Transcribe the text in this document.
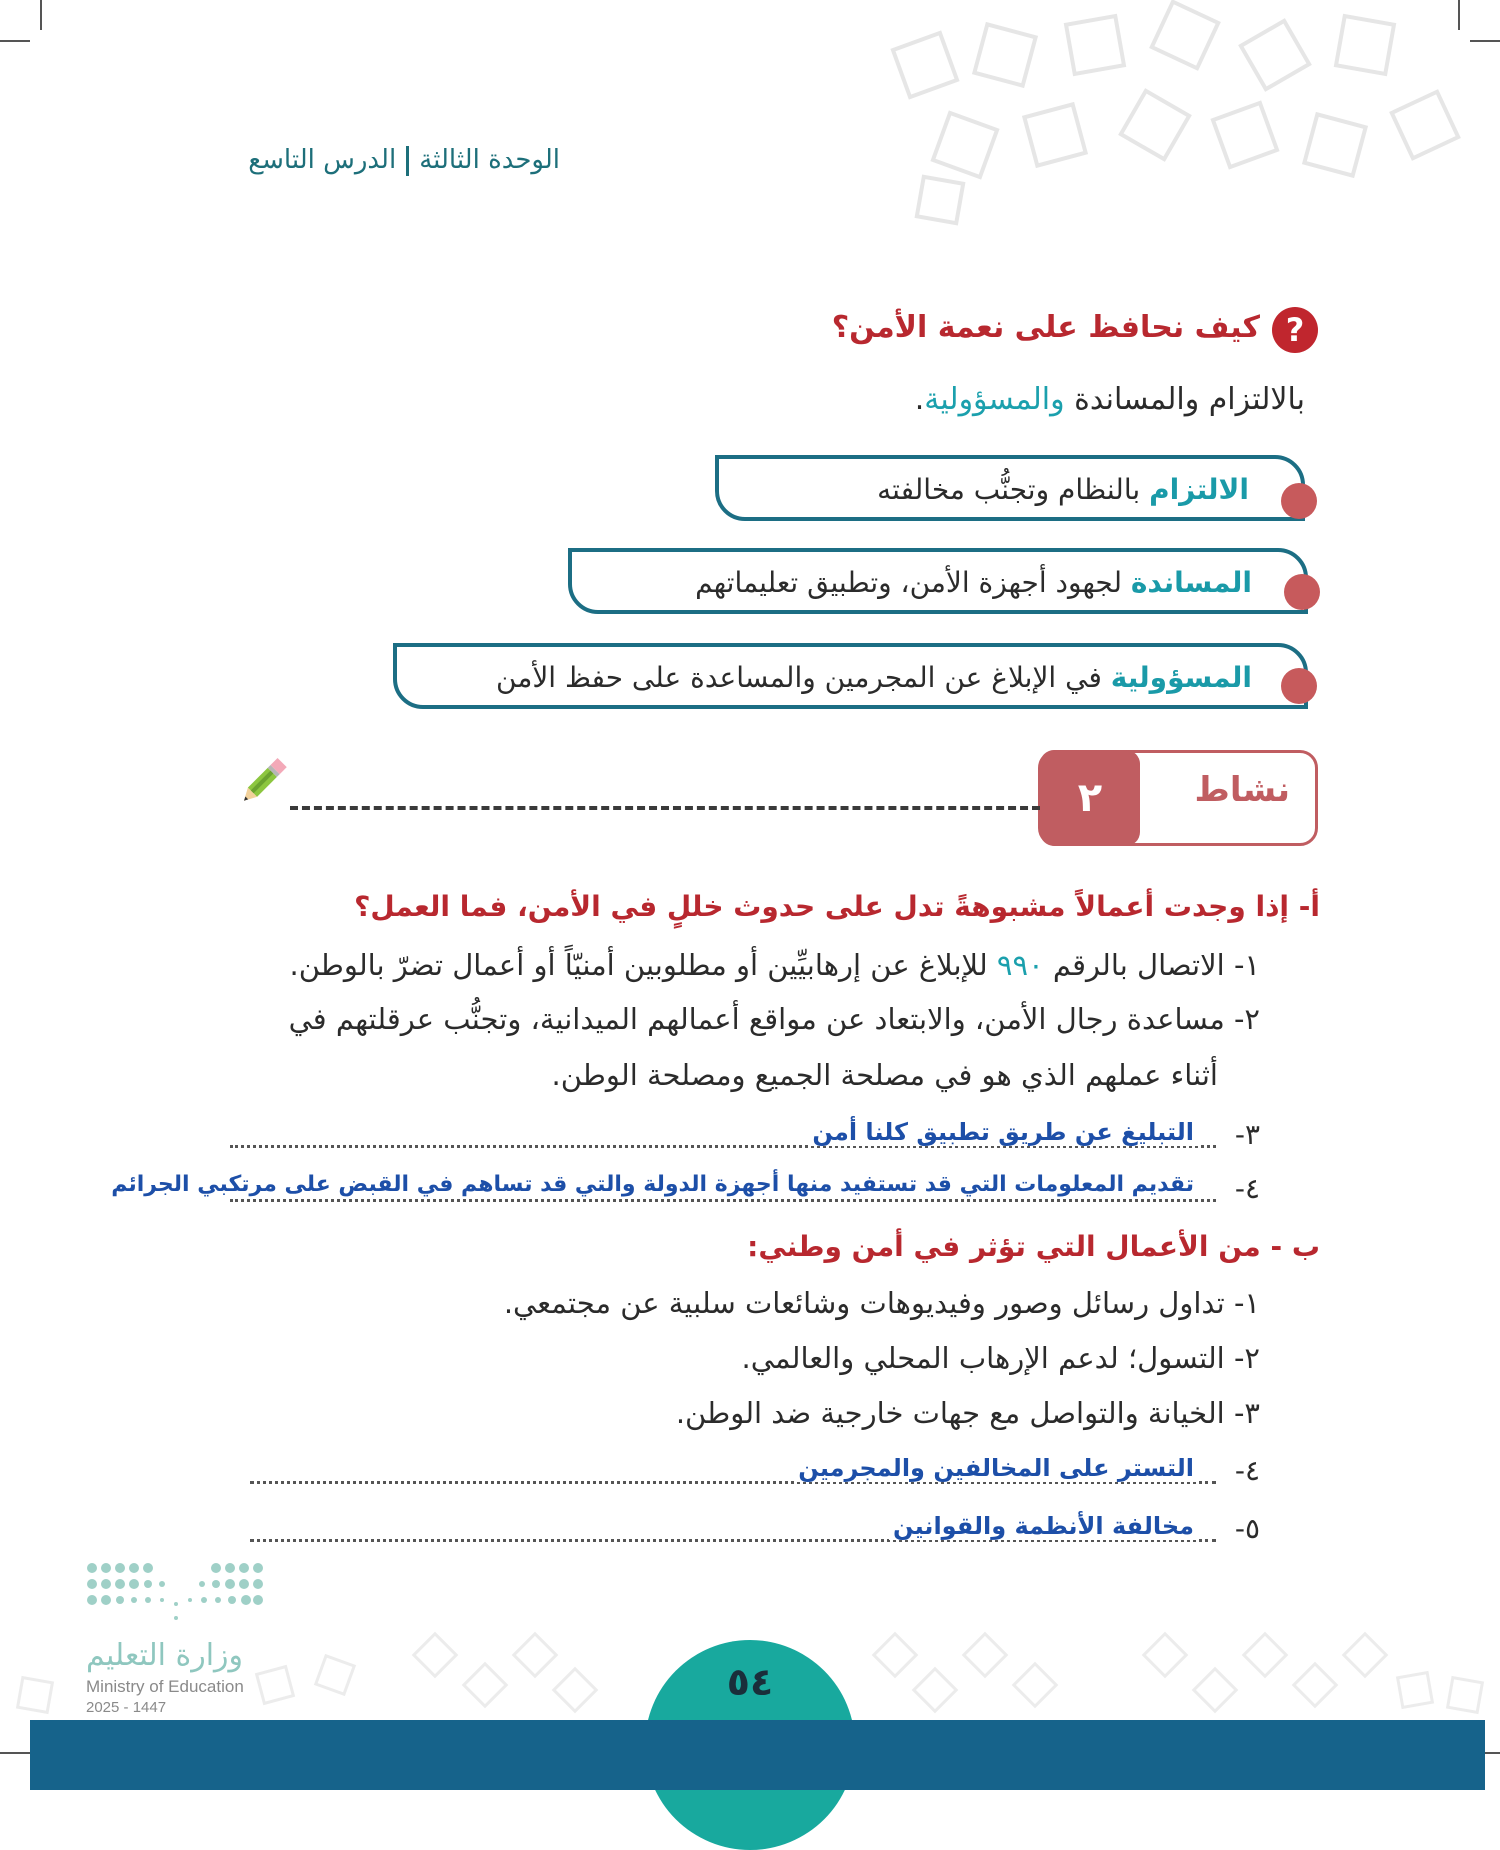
الوحدة الثالثةالدرس التاسع
?
كيف نحافظ على نعمة الأمن؟
بالالتزام والمساندة والمسؤولية.
الالتزام بالنظام وتجنُّب مخالفته
المساندة لجهود أجهزة الأمن، وتطبيق تعليماتهم
المسؤولية في الإبلاغ عن المجرمين والمساعدة على حفظ الأمن
نشاط
٢
أ- إذا وجدت أعمالاً مشبوهةً تدل على حدوث خللٍ في الأمن، فما العمل؟
١- الاتصال بالرقم ٩٩٠ للإبلاغ عن إرهابيِّين أو مطلوبين أمنيّاً أو أعمال تضرّ بالوطن.
٢- مساعدة رجال الأمن، والابتعاد عن مواقع أعمالهم الميدانية، وتجنُّب عرقلتهم في
أثناء عملهم الذي هو في مصلحة الجميع ومصلحة الوطن.
٣-
التبليغ عن طريق تطبيق كلنا أمن
٤-
تقديم المعلومات التي قد تستفيد منها أجهزة الدولة والتي قد تساهم في القبض على مرتكبي الجرائم
ب - من الأعمال التي تؤثر في أمن وطني:
١- تداول رسائل وصور وفيديوهات وشائعات سلبية عن مجتمعي.
٢- التسول؛ لدعم الإرهاب المحلي والعالمي.
٣- الخيانة والتواصل مع جهات خارجية ضد الوطن.
٤-
التستر على المخالفين والمجرمين
٥-
مخالفة الأنظمة والقوانين
وزارة التعليم
Ministry of Education
2025 - 1447
٥٤
